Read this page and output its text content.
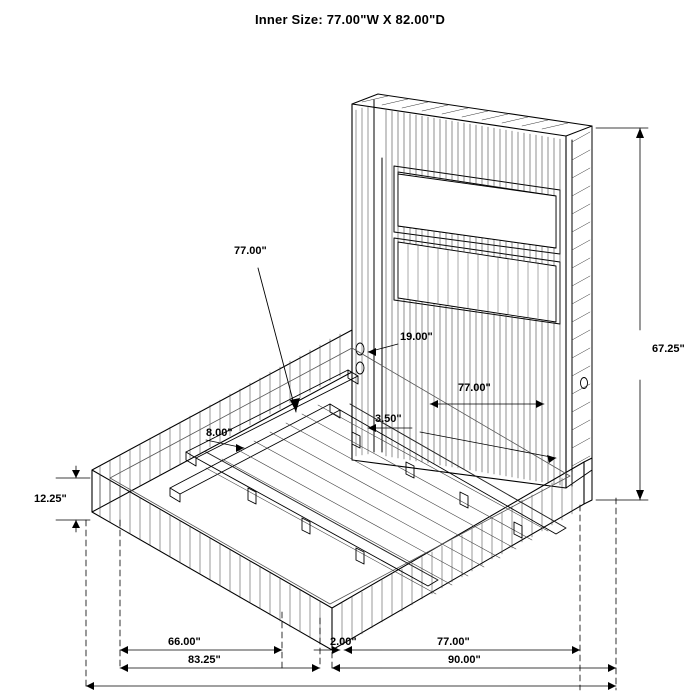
Inner Size: 77.00"W X 82.00"D
77.00"
67.25"
19.00"
77.00"
3.50"
8.00"
12.25"
66.00"	2.00"	77.00"
83.25"	90.00"
